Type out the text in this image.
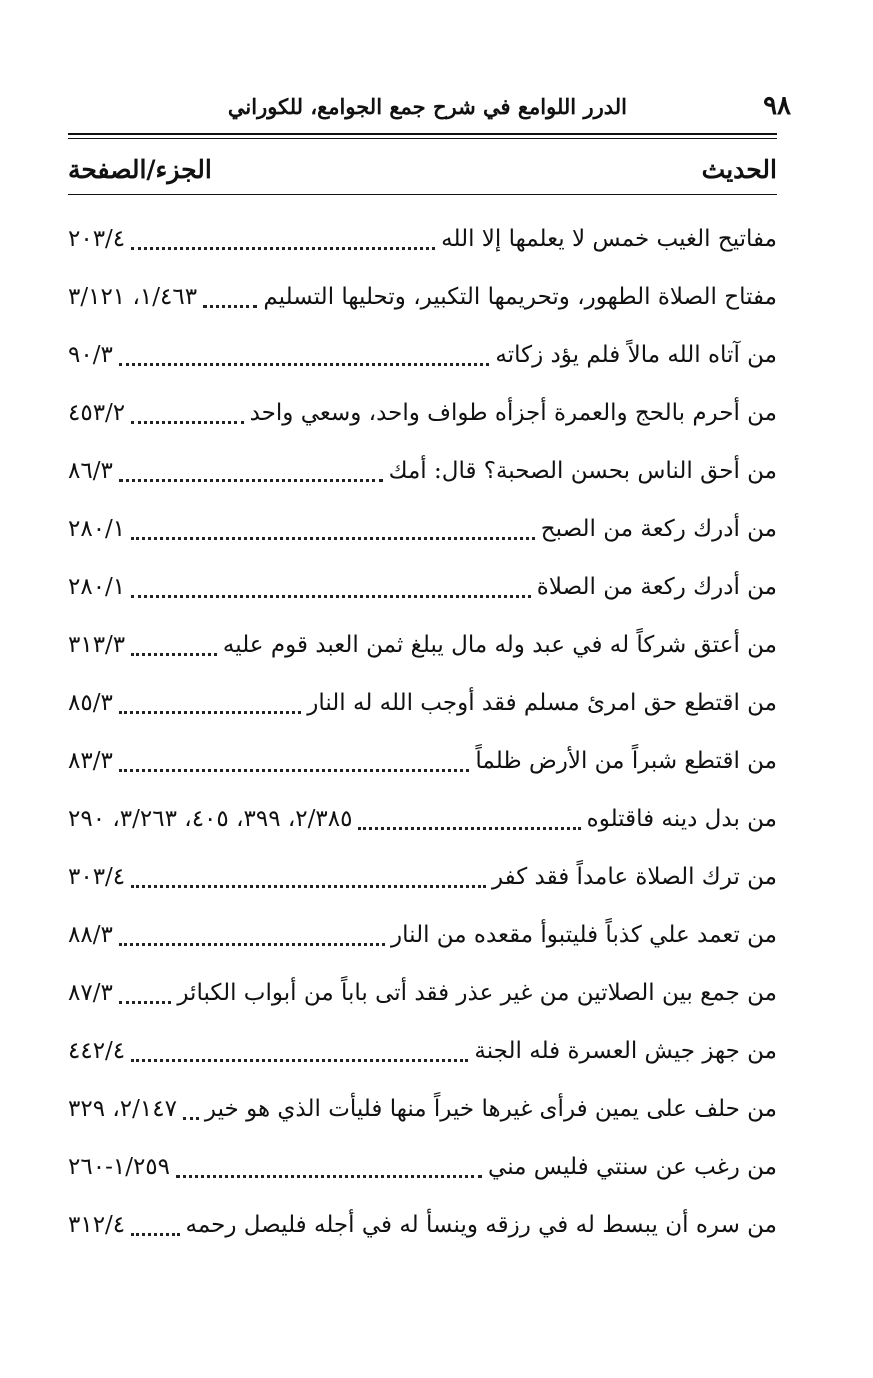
٩٨
الدرر اللوامع في شرح جمع الجوامع، للكوراني
الحديث
الجزء/الصفحة
مفاتيح الغيب خمس لا يعلمها إلا الله
٢٠٣/٤
مفتاح الصلاة الطهور، وتحريمها التكبير، وتحليها التسليم
١/٤٦٣، ٣/١٢١
من آتاه الله مالاً فلم يؤد زكاته
٩٠/٣
من أحرم بالحج والعمرة أجزأه طواف واحد، وسعي واحد
٤٥٣/٢
من أحق الناس بحسن الصحبة؟ قال: أمك
٨٦/٣
من أدرك ركعة من الصبح
٢٨٠/١
من أدرك ركعة من الصلاة
٢٨٠/١
من أعتق شركاً له في عبد وله مال يبلغ ثمن العبد قوم عليه
٣١٣/٣
من اقتطع حق امرئ مسلم فقد أوجب الله له النار
٨٥/٣
من اقتطع شبراً من الأرض ظلماً
٨٣/٣
من بدل دينه فاقتلوه
٢/٣٨٥، ٣٩٩، ٤٠٥، ٣/٢٦٣، ٢٩٠
من ترك الصلاة عامداً فقد كفر
٣٠٣/٤
من تعمد علي كذباً فليتبوأ مقعده من النار
٨٨/٣
من جمع بين الصلاتين من غير عذر فقد أتى باباً من أبواب الكبائر
٨٧/٣
من جهز جيش العسرة فله الجنة
٤٤٢/٤
من حلف على يمين فرأى غيرها خيراً منها فليأت الذي هو خير
٢/١٤٧، ٣٢٩
من رغب عن سنتي فليس مني
١/٢٥٩-٢٦٠
من سره أن يبسط له في رزقه وينسأ له في أجله فليصل رحمه
٣١٢/٤
